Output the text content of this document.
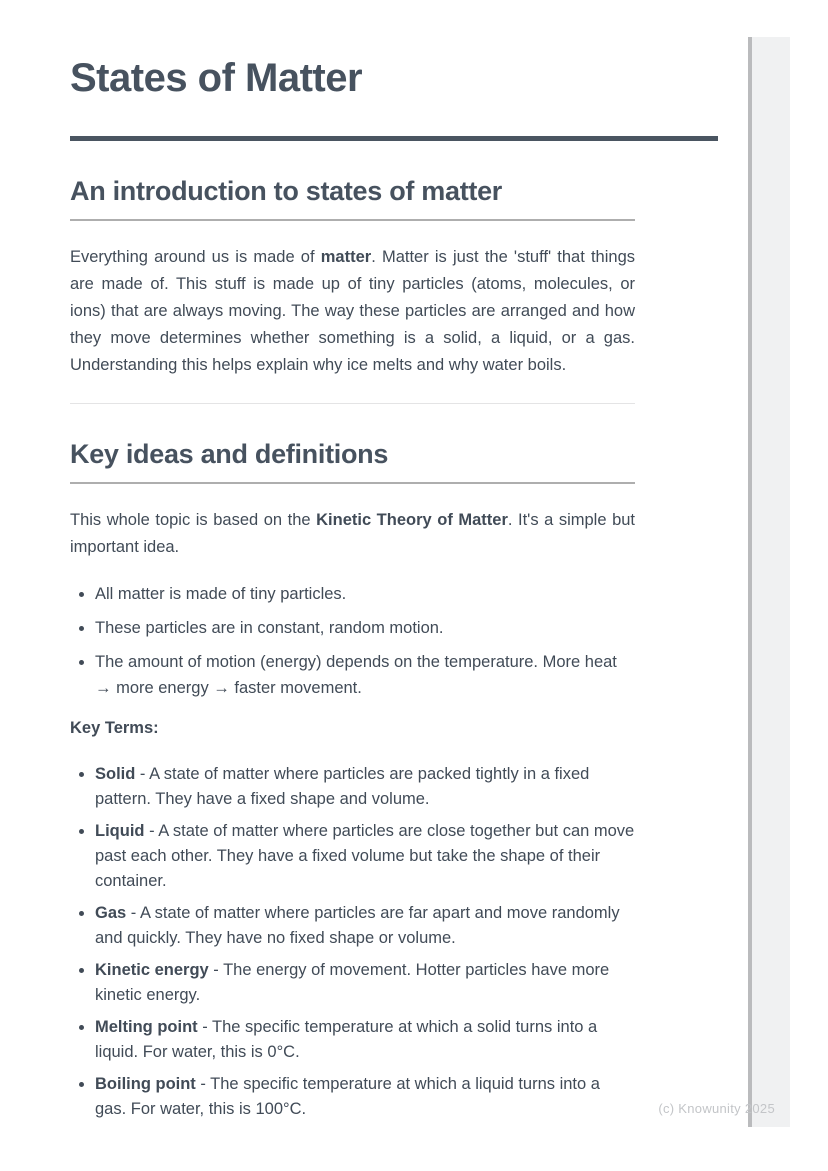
States of Matter
An introduction to states of matter

Everything around us is made of matter. Matter is just the 'stuff' that things are made of. This stuff is made up of tiny particles (atoms, molecules, or ions) that are always moving. The way these particles are arranged and how they move determines whether something is a solid, a liquid, or a gas. Understanding this helps explain why ice melts and why water boils.

Key ideas and definitions

This whole topic is based on the Kinetic Theory of Matter. It's a simple but important idea.

• All matter is made of tiny particles.
• These particles are in constant, random motion.
• The amount of motion (energy) depends on the temperature. More heat → more energy → faster movement.

Key Terms:

• Solid - A state of matter where particles are packed tightly in a fixed pattern. They have a fixed shape and volume.
• Liquid - A state of matter where particles are close together but can move past each other. They have a fixed volume but take the shape of their container.
• Gas - A state of matter where particles are far apart and move randomly and quickly. They have no fixed shape or volume.
• Kinetic energy - The energy of movement. Hotter particles have more kinetic energy.
• Melting point - The specific temperature at which a solid turns into a liquid. For water, this is 0°C.
• Boiling point - The specific temperature at which a liquid turns into a gas. For water, this is 100°C.	(c) Knowunity 2025
